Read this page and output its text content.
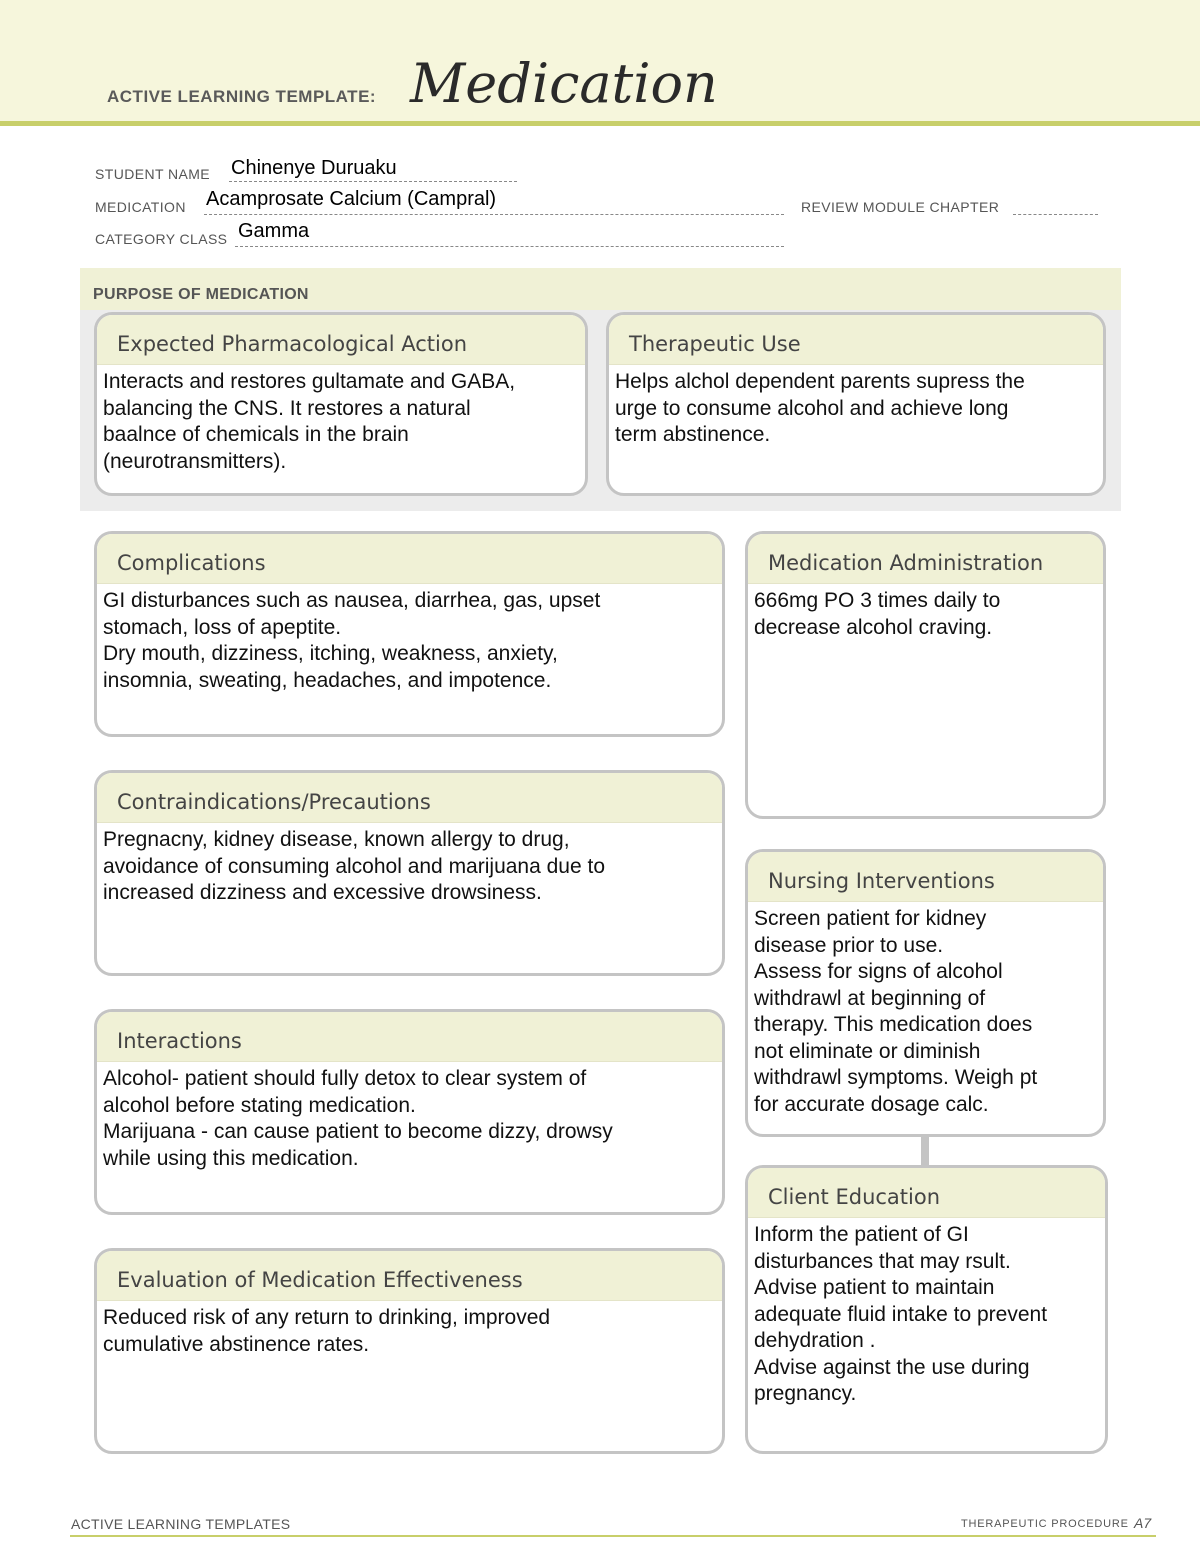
ACTIVE LEARNING TEMPLATE: Medication
STUDENT NAME Chinenye Duruaku
MEDICATION Acamprosate Calcium (Campral)	REVIEW MODULE CHAPTER
CATEGORY CLASS Gamma
PURPOSE OF MEDICATION
Expected Pharmacological Action
Interacts and restores gultamate and GABA,
balancing the CNS. It restores a natural
baalnce of chemicals in the brain
(neurotransmitters).
Therapeutic Use
Helps alchol dependent parents supress the
urge to consume alcohol and achieve long
term abstinence.
Complications
GI disturbances such as nausea, diarrhea, gas, upset
stomach, loss of apeptite.
Dry mouth, dizziness, itching, weakness, anxiety,
insomnia, sweating, headaches, and impotence.
Contraindications/Precautions
Pregnacny, kidney disease, known allergy to drug,
avoidance of consuming alcohol and marijuana due to
increased dizziness and excessive drowsiness.
Interactions
Alcohol- patient should fully detox to clear system of
alcohol before stating medication.
Marijuana - can cause patient to become dizzy, drowsy
while using this medication.
Evaluation of Medication Effectiveness
Reduced risk of any return to drinking, improved
cumulative abstinence rates.
Medication Administration
666mg PO 3 times daily to
decrease alcohol craving.
Nursing Interventions
Screen patient for kidney
disease prior to use.
Assess for signs of alcohol
withdrawl at beginning of
therapy. This medication does
not eliminate or diminish
withdrawl symptoms. Weigh pt
for accurate dosage calc.
Client Education
Inform the patient of GI
disturbances that may rsult.
Advise patient to maintain
adequate fluid intake to prevent
dehydration .
Advise against the use during
pregnancy.
ACTIVE LEARNING TEMPLATES	THERAPEUTIC PROCEDURE A7
